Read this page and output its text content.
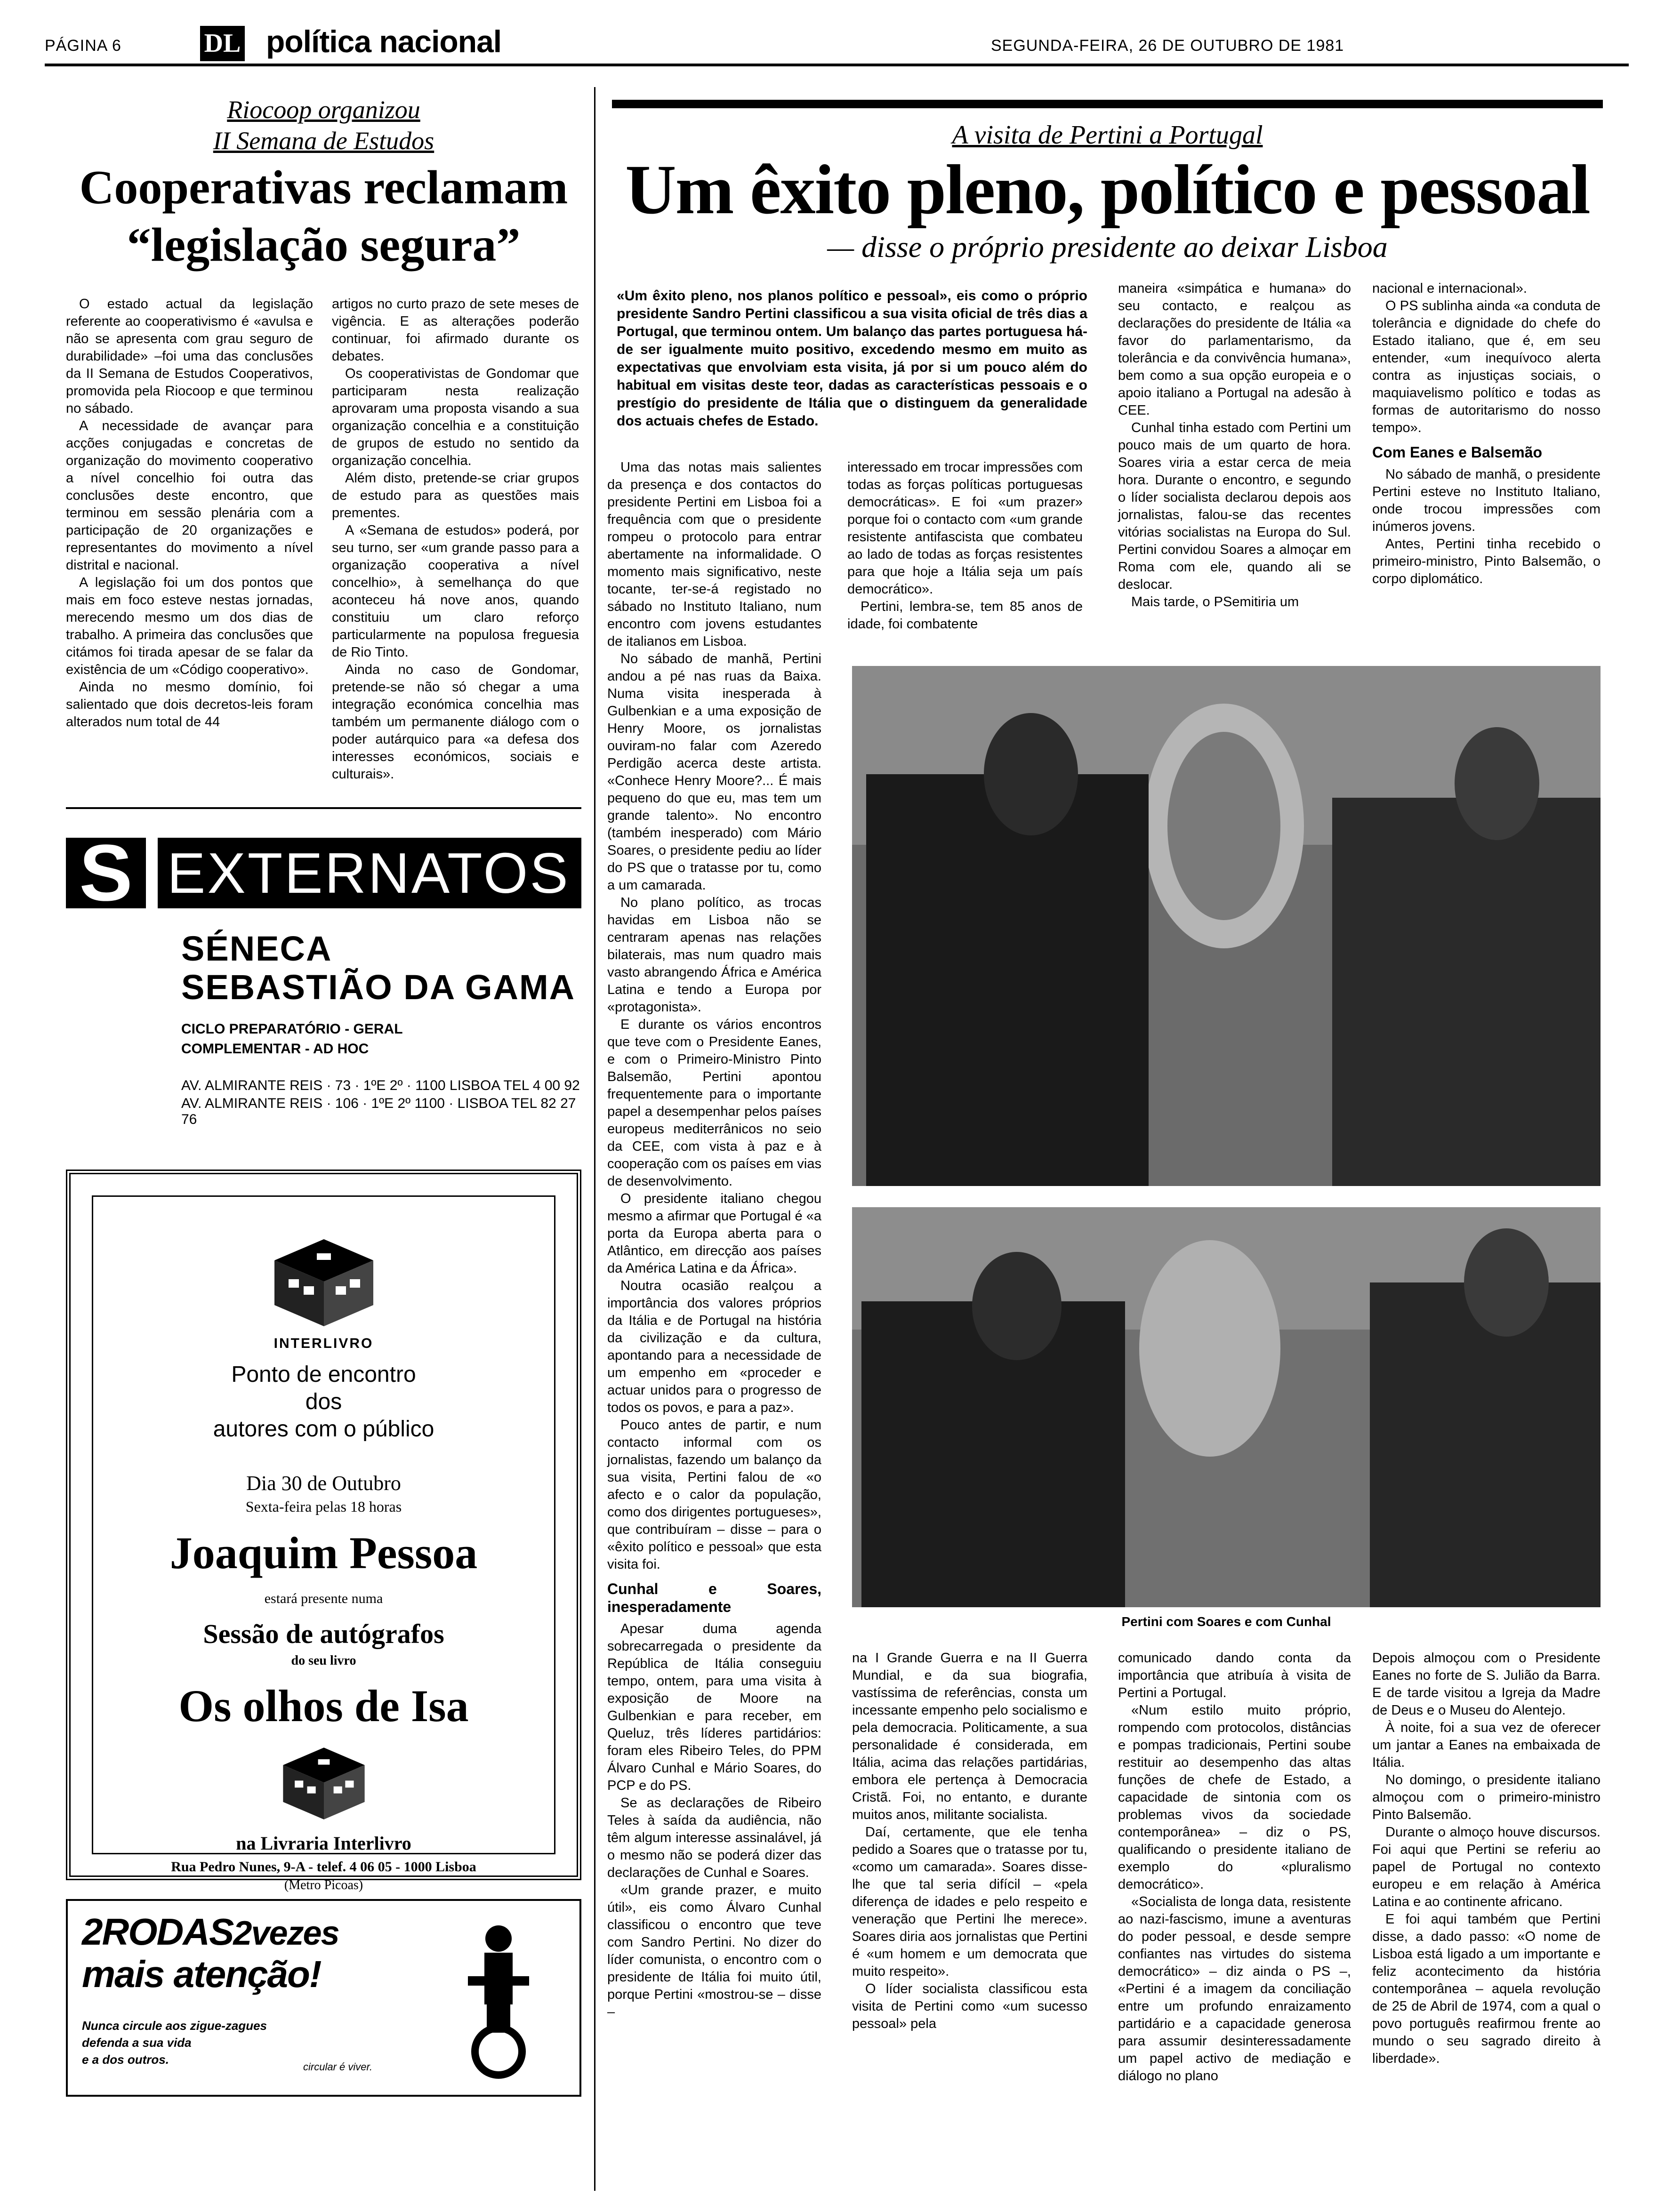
PÁGINA 6	DL política nacional	SEGUNDA-FEIRA, 26 DE OUTUBRO DE 1981
Riocoop organizou
II Semana de Estudos
Cooperativas reclamam
“legislação segura”

O estado actual da legislação referente ao cooperativismo é «avulsa e não se apresenta com grau seguro de durabilidade» –foi uma das conclusões da II Semana de Estudos Cooperativos, promovida pela Riocoop e que terminou no sábado.

A necessidade de avançar para acções conjugadas e concretas de organização do movimento cooperativo a nível concelhio foi outra das conclusões deste encontro, que terminou em sessão plenária com a participação de 20 organizações e representantes do movimento a nível distrital e nacional.

A legislação foi um dos pontos que mais em foco esteve nestas jornadas, merecendo mesmo um dos dias de trabalho. A primeira das conclusões que citámos foi tirada apesar de se falar da existência de um «Código cooperativo».

Ainda no mesmo domínio, foi salientado que dois decretos-leis foram alterados num total de 44

artigos no curto prazo de sete meses de vigência. E as alterações poderão continuar, foi afirmado durante os debates.

Os cooperativistas de Gondomar que participaram nesta realização aprovaram uma proposta visando a sua organização concelhia e a constituição de grupos de estudo no sentido da organização concelhia.

Além disto, pretende-se criar grupos de estudo para as questões mais prementes.

A «Semana de estudos» poderá, por seu turno, ser «um grande passo para a organização cooperativa a nível concelhio», à semelhança do que aconteceu há nove anos, quando constituiu um claro reforço particularmente na populosa freguesia de Rio Tinto.

Ainda no caso de Gondomar, pretende-se não só chegar a uma integração económica concelhia mas também um permanente diálogo com o poder autárquico para «a defesa dos interesses económicos, sociais e culturais».

S EXTERNATOS
SÉNECA
SEBASTIÃO DA GAMA
CICLO PREPARATÓRIO - GERAL
COMPLEMENTAR - AD HOC
AV. ALMIRANTE REIS · 73 · 1ºE 2º · 1100 LISBOA TEL 4 00 92
AV. ALMIRANTE REIS · 106 · 1ºE 2º 1100 · LISBOA TEL 82 27 76
INTERLIVRO
Ponto de encontro
dos
autores com o público
Dia 30 de Outubro
Sexta-feira pelas 18 horas
Joaquim Pessoa
estará presente numa
Sessão de autógrafos
do seu livro
Os olhos de Isa
na Livraria Interlivro
Rua Pedro Nunes, 9-A - telef. 4 06 05 - 1000 Lisboa
(Metro Picoas)
2RODAS2vezes
mais atenção!
Nunca circule aos zigue-zagues
defenda a sua vida
e a dos outros.
circular é viver.
A visita de Pertini a Portugal
Um êxito pleno, político e pessoal
— disse o próprio presidente ao deixar Lisboa
«Um êxito pleno, nos planos político e pessoal», eis como o próprio presidente Sandro Pertini classificou a sua visita oficial de três dias a Portugal, que terminou ontem. Um balanço das partes portuguesa há-de ser igualmente muito positivo, excedendo mesmo em muito as expectativas que envolviam esta visita, já por si um pouco além do habitual em visitas deste teor, dadas as características pessoais e o prestígio do presidente de Itália que o distinguem da generalidade dos actuais chefes de Estado.

maneira «simpática e humana» do seu contacto, e realçou as declarações do presidente de Itália «a favor do parlamentarismo, da tolerância e da convivência humana», bem como a sua opção europeia e o apoio italiano a Portugal na adesão à CEE.

Cunhal tinha estado com Pertini um pouco mais de um quarto de hora. Soares viria a estar cerca de meia hora. Durante o encontro, e segundo o líder socialista declarou depois aos jornalistas, falou-se das recentes vitórias socialistas na Europa do Sul. Pertini convidou Soares a almoçar em Roma com ele, quando ali se deslocar.

Mais tarde, o PSemitiria um

nacional e internacional».

O PS sublinha ainda «a conduta de tolerância e dignidade do chefe do Estado italiano, que é, em seu entender, «um inequívoco alerta contra as injustiças sociais, o maquiavelismo político e todas as formas de autoritarismo do nosso tempo».

Com Eanes e Balsemão

No sábado de manhã, o presidente Pertini esteve no Instituto Italiano, onde trocou impressões com inúmeros jovens.

Antes, Pertini tinha recebido o primeiro-ministro, Pinto Balsemão, o corpo diplomático.

Uma das notas mais salientes da presença e dos contactos do presidente Pertini em Lisboa foi a frequência com que o presidente rompeu o protocolo para entrar abertamente na informalidade. O momento mais significativo, neste tocante, ter-se-á registado no sábado no Instituto Italiano, num encontro com jovens estudantes de italianos em Lisboa.

No sábado de manhã, Pertini andou a pé nas ruas da Baixa. Numa visita inesperada à Gulbenkian e a uma exposição de Henry Moore, os jornalistas ouviram-no falar com Azeredo Perdigão acerca deste artista. «Conhece Henry Moore?... É mais pequeno do que eu, mas tem um grande talento». No encontro (também inesperado) com Mário Soares, o presidente pediu ao líder do PS que o tratasse por tu, como a um camarada.

No plano político, as trocas havidas em Lisboa não se centraram apenas nas relações bilaterais, mas num quadro mais vasto abrangendo África e América Latina e tendo a Europa por «protagonista».

E durante os vários encontros que teve com o Presidente Eanes, e com o Primeiro-Ministro Pinto Balsemão, Pertini apontou frequentemente para o importante papel a desempenhar pelos países europeus mediterrânicos no seio da CEE, com vista à paz e à cooperação com os países em vias de desenvolvimento.

O presidente italiano chegou mesmo a afirmar que Portugal é «a porta da Europa aberta para o Atlântico, em direcção aos países da América Latina e da África».

Noutra ocasião realçou a importância dos valores próprios da Itália e de Portugal na história da civilização e da cultura, apontando para a necessidade de um empenho em «proceder e actuar unidos para o progresso de todos os povos, e para a paz».

Pouco antes de partir, e num contacto informal com os jornalistas, fazendo um balanço da sua visita, Pertini falou de «o afecto e o calor da população, como dos dirigentes portugueses», que contribuíram – disse – para o «êxito político e pessoal» que esta visita foi.

Cunhal e Soares, inesperadamente

Apesar duma agenda sobrecarregada o presidente da República de Itália conseguiu tempo, ontem, para uma visita à exposição de Moore na Gulbenkian e para receber, em Queluz, três líderes partidários: foram eles Ribeiro Teles, do PPM Álvaro Cunhal e Mário Soares, do PCP e do PS.

Se as declarações de Ribeiro Teles à saída da audiência, não têm algum interesse assinalável, já o mesmo não se poderá dizer das declarações de Cunhal e Soares.

«Um grande prazer, e muito útil», eis como Álvaro Cunhal classificou o encontro que teve com Sandro Pertini. No dizer do líder comunista, o encontro com o presidente de Itália foi muito útil, porque Pertini «mostrou-se – disse –

interessado em trocar impressões com todas as forças políticas portuguesas democráticas». E foi «um prazer» porque foi o contacto com «um grande resistente antifascista que combateu ao lado de todas as forças resistentes para que hoje a Itália seja um país democrático».

Pertini, lembra-se, tem 85 anos de idade, foi combatente

Pertini com Soares e com Cunhal

na I Grande Guerra e na II Guerra Mundial, e da sua biografia, vastíssima de referências, consta um incessante empenho pelo socialismo e pela democracia. Politicamente, a sua personalidade é considerada, em Itália, acima das relações partidárias, embora ele pertença à Democracia Cristã. Foi, no entanto, e durante muitos anos, militante socialista.

Daí, certamente, que ele tenha pedido a Soares que o tratasse por tu, «como um camarada». Soares disse-lhe que tal seria difícil – «pela diferença de idades e pelo respeito e veneração que Pertini lhe merece». Soares diria aos jornalistas que Pertini é «um homem e um democrata que muito respeito».

O líder socialista classificou esta visita de Pertini como «um sucesso pessoal» pela

comunicado dando conta da importância que atribuía à visita de Pertini a Portugal.

«Num estilo muito próprio, rompendo com protocolos, distâncias e pompas tradicionais, Pertini soube restituir ao desempenho das altas funções de chefe de Estado, a capacidade de sintonia com os problemas vivos da sociedade contemporânea» – diz o PS, qualificando o presidente italiano de exemplo do «pluralismo democrático».

«Socialista de longa data, resistente ao nazi-fascismo, imune a aventuras do poder pessoal, e desde sempre confiantes nas virtudes do sistema democrático» – diz ainda o PS –, «Pertini é a imagem da conciliação entre um profundo enraizamento partidário e a capacidade generosa para assumir desinteressadamente um papel activo de mediação e diálogo no plano

Depois almoçou com o Presidente Eanes no forte de S. Julião da Barra. E de tarde visitou a Igreja da Madre de Deus e o Museu do Alentejo.

À noite, foi a sua vez de oferecer um jantar a Eanes na embaixada de Itália.

No domingo, o presidente italiano almoçou com o primeiro-ministro Pinto Balsemão.

Durante o almoço houve discursos. Foi aqui que Pertini se referiu ao papel de Portugal no contexto europeu e em relação à América Latina e ao continente africano.

E foi aqui também que Pertini disse, a dado passo: «O nome de Lisboa está ligado a um importante e feliz acontecimento da história contemporânea – aquela revolução de 25 de Abril de 1974, com a qual o povo português reafirmou frente ao mundo o seu sagrado direito à liberdade».
